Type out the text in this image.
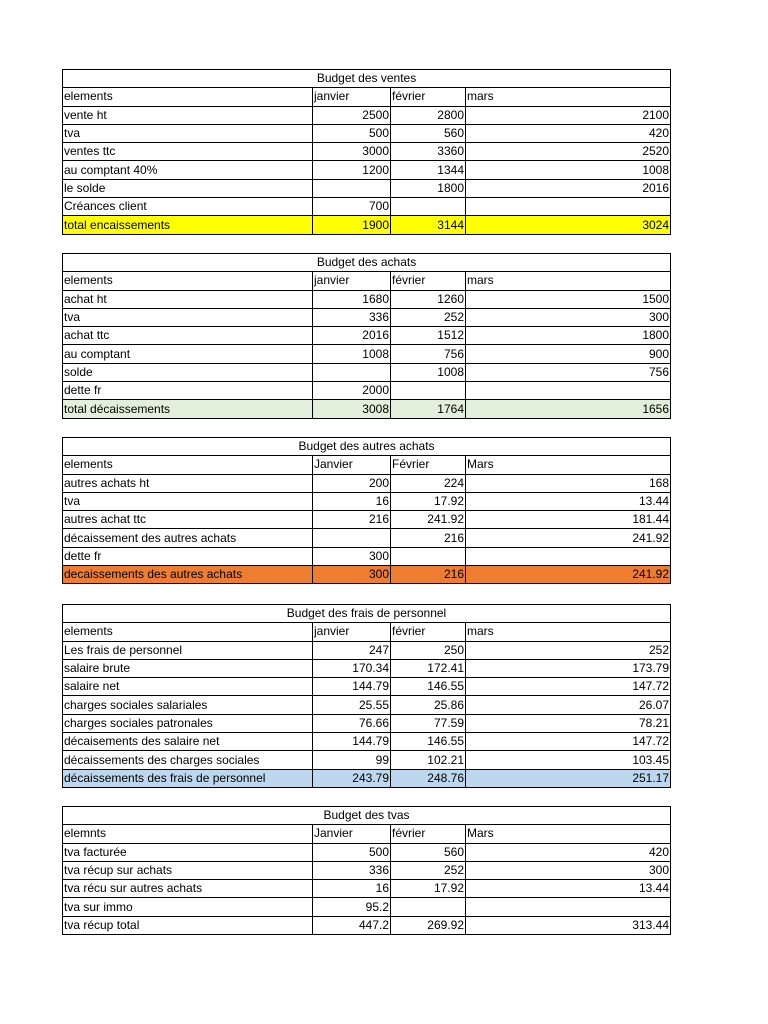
Budget des ventes			
elements	janvier	février	mars
vente ht	2500	2800	2100
tva	500	560	420
ventes ttc	3000	3360	2520
au comptant 40%	1200	1344	1008
le solde		1800	2016
Créances client	700		
total encaissements	1900	3144	3024
Budget des achats			
elements	janvier	février	mars
achat ht	1680	1260	1500
tva	336	252	300
achat ttc	2016	1512	1800
au comptant	1008	756	900
solde		1008	756
dette fr	2000		
total décaissements	3008	1764	1656
Budget des autres achats			
elements	Janvier	Février	Mars
autres achats ht	200	224	168
tva	16	17.92	13.44
autres achat ttc	216	241.92	181.44
décaissement des autres achats		216	241.92
dette fr	300		
decaissements des autres achats	300	216	241.92
Budget des frais de personnel			
elements	janvier	février	mars
Les frais de personnel	247	250	252
salaire brute	170.34	172.41	173.79
salaire net	144.79	146.55	147.72
charges sociales salariales	25.55	25.86	26.07
charges sociales patronales	76.66	77.59	78.21
décaisements des salaire net	144.79	146.55	147.72
décaissements des charges sociales	99	102.21	103.45
décaissements des frais de personnel	243.79	248.76	251.17
Budget des tvas			
elemnts	Janvier	février	Mars
tva facturée	500	560	420
tva récup sur achats	336	252	300
tva récu sur autres achats	16	17.92	13.44
tva sur immo	95.2		
tva récup total	447.2	269.92	313.44
